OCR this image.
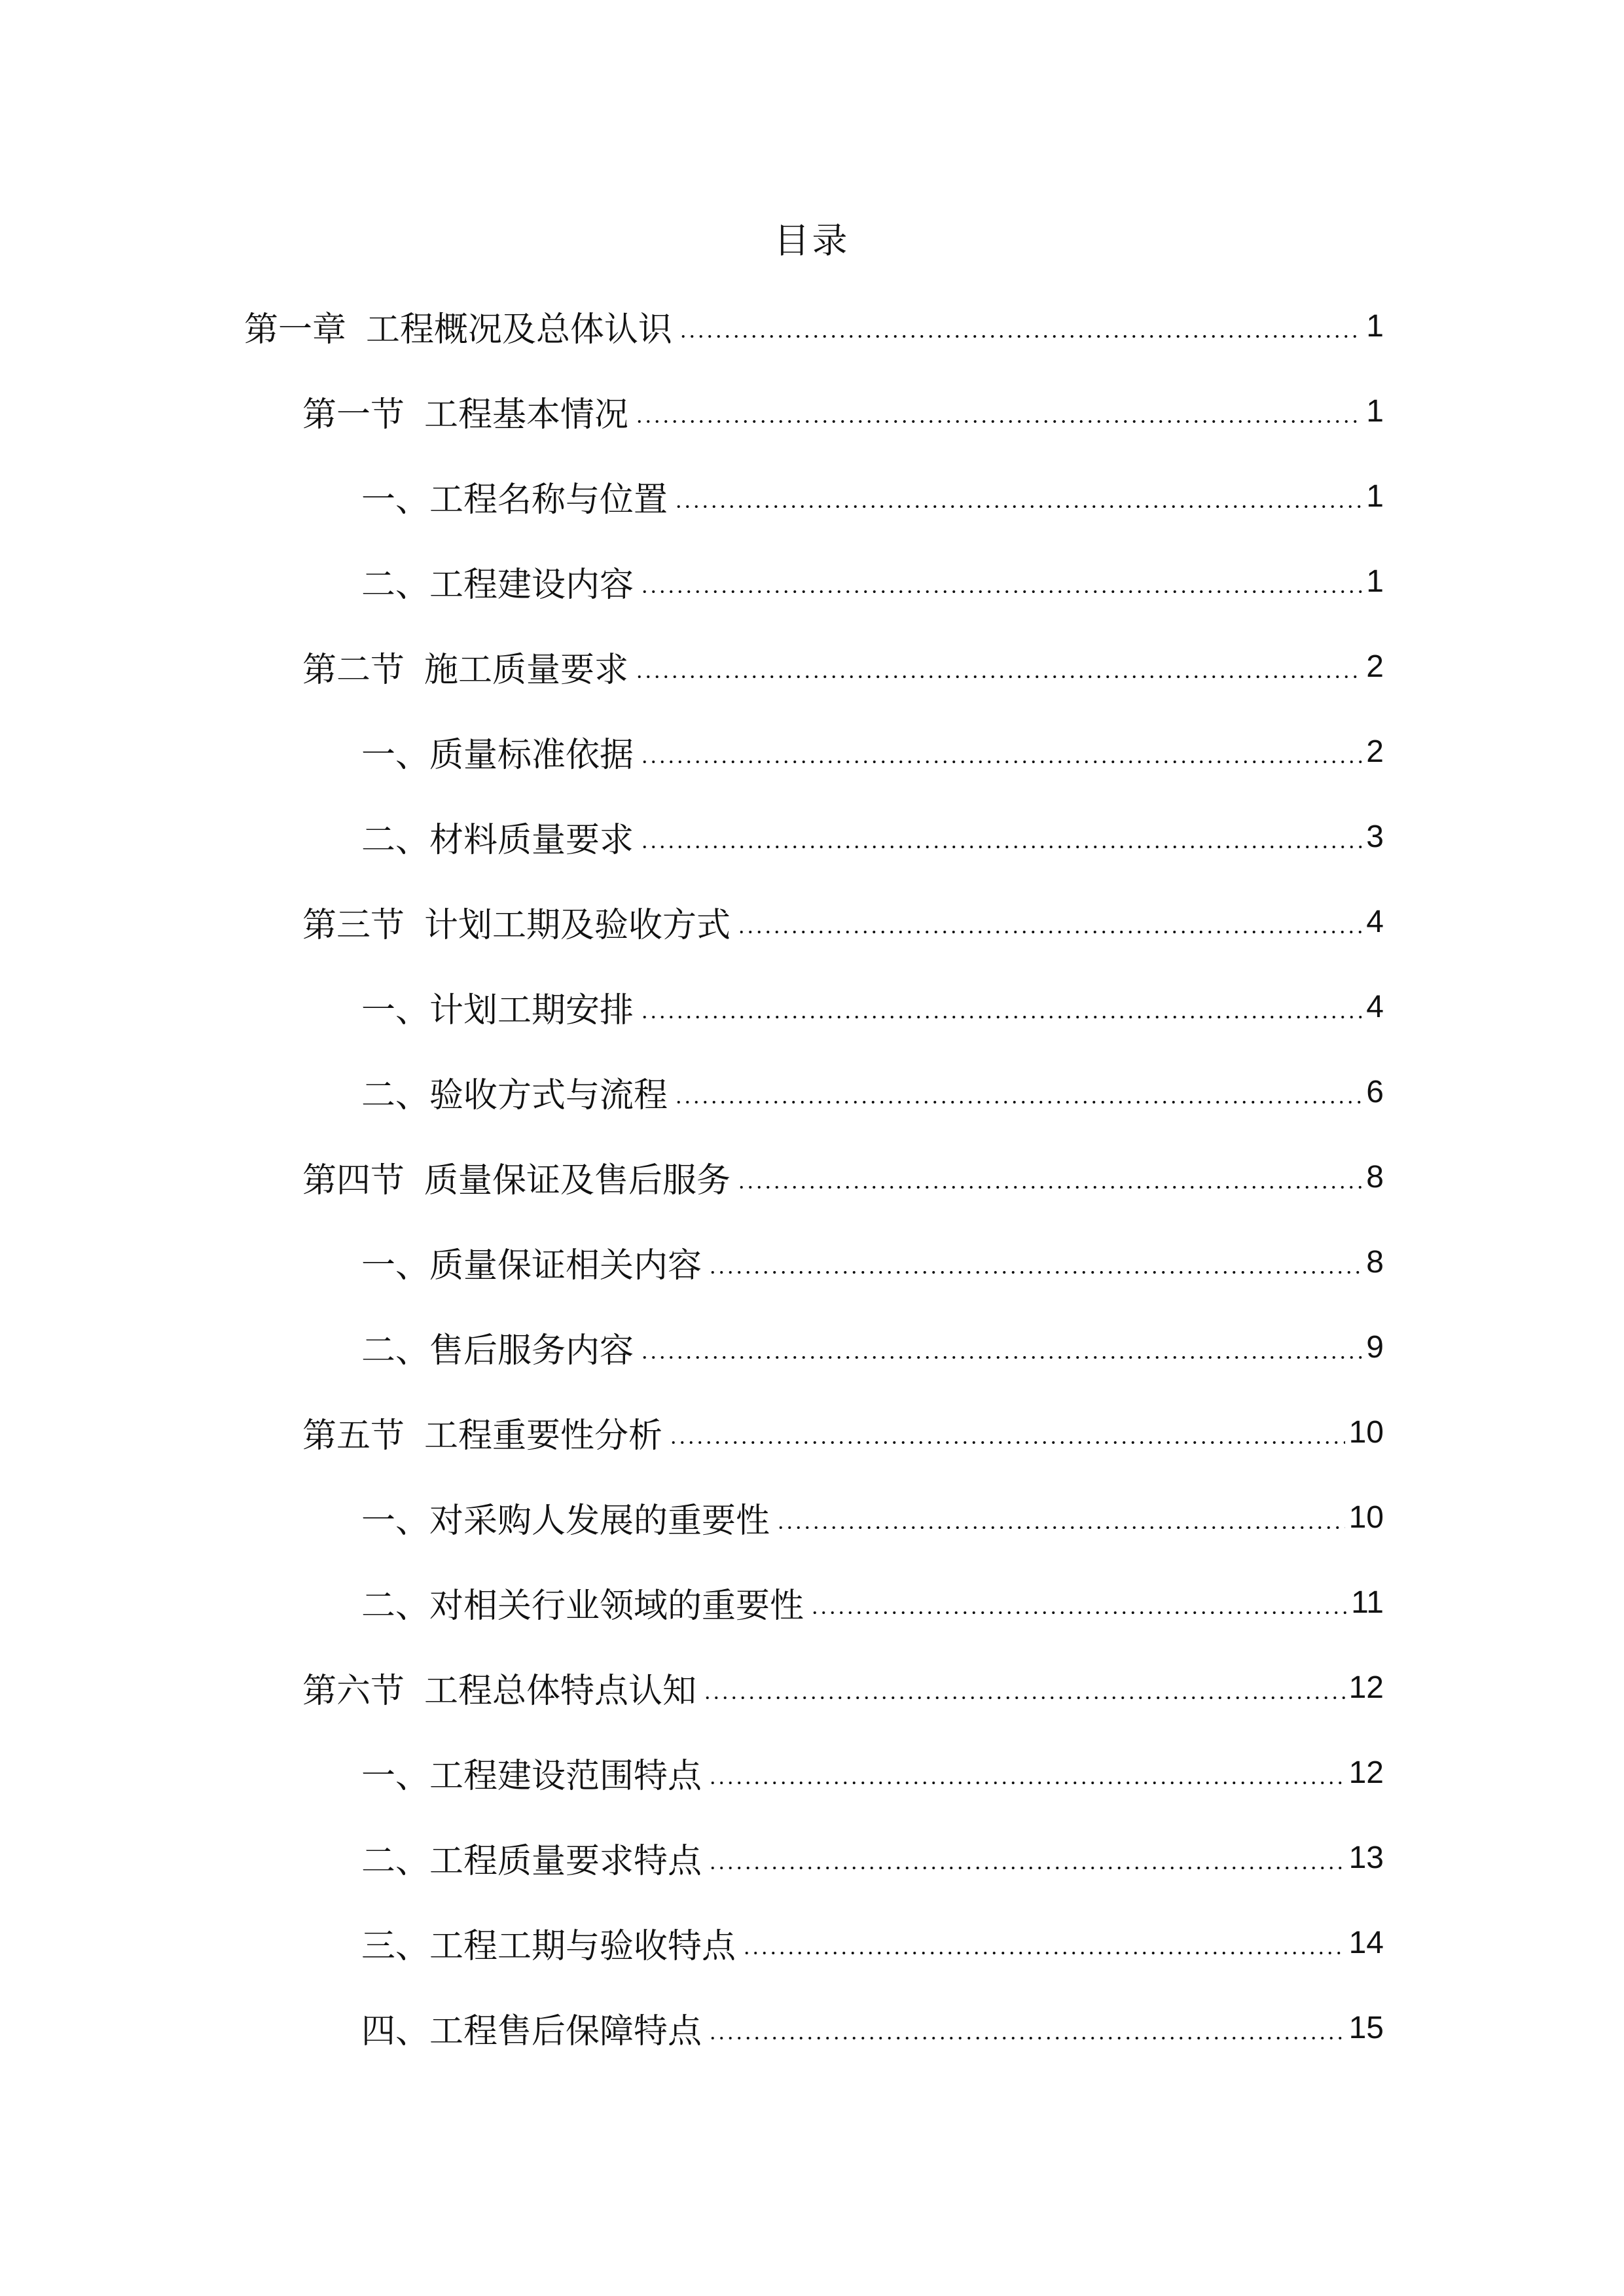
目录
第一章 工程概况及总体认识	1
第一节 工程基本情况	1
一、工程名称与位置	1
二、工程建设内容	1
第二节 施工质量要求	2
一、质量标准依据	2
二、材料质量要求	3
第三节 计划工期及验收方式	4
一、计划工期安排	4
二、验收方式与流程	6
第四节 质量保证及售后服务	8
一、质量保证相关内容	8
二、售后服务内容	9
第五节 工程重要性分析	10
一、对采购人发展的重要性	10
二、对相关行业领域的重要性	11
第六节 工程总体特点认知	12
一、工程建设范围特点	12
二、工程质量要求特点	13
三、工程工期与验收特点	14
四、工程售后保障特点	15
